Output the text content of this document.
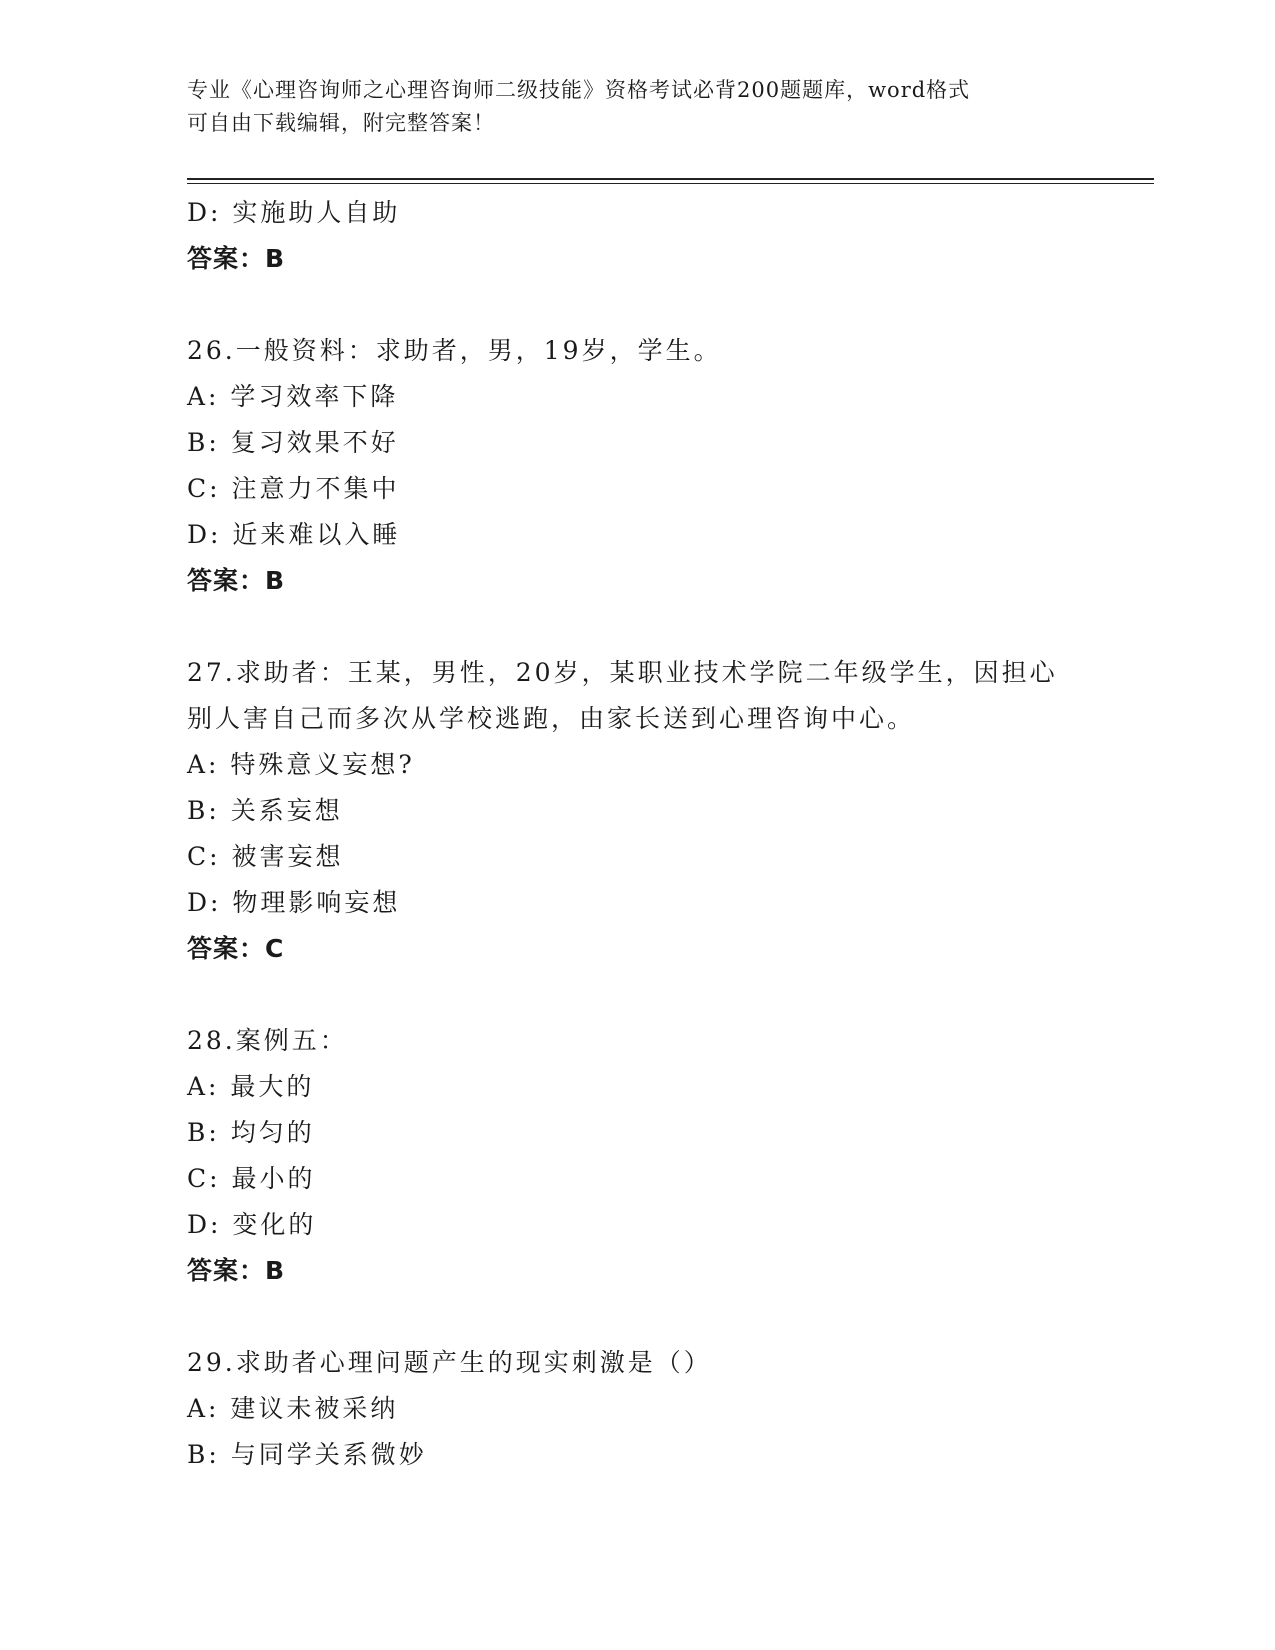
专业《心理咨询师之心理咨询师二级技能》资格考试必背200题题库，word格式
可自由下载编辑，附完整答案！
D: 实施助人自助
答案：B
26.一般资料：求助者，男，19岁，学生。
A: 学习效率下降
B: 复习效果不好
C: 注意力不集中
D: 近来难以入睡
答案：B
27.求助者：王某，男性，20岁，某职业技术学院二年级学生，因担心
别人害自己而多次从学校逃跑，由家长送到心理咨询中心。
A: 特殊意义妄想?
B: 关系妄想
C: 被害妄想
D: 物理影响妄想
答案：C
28.案例五：
A: 最大的
B: 均匀的
C: 最小的
D: 变化的
答案：B
29.求助者心理问题产生的现实刺激是（）
A: 建议未被采纳
B: 与同学关系微妙
